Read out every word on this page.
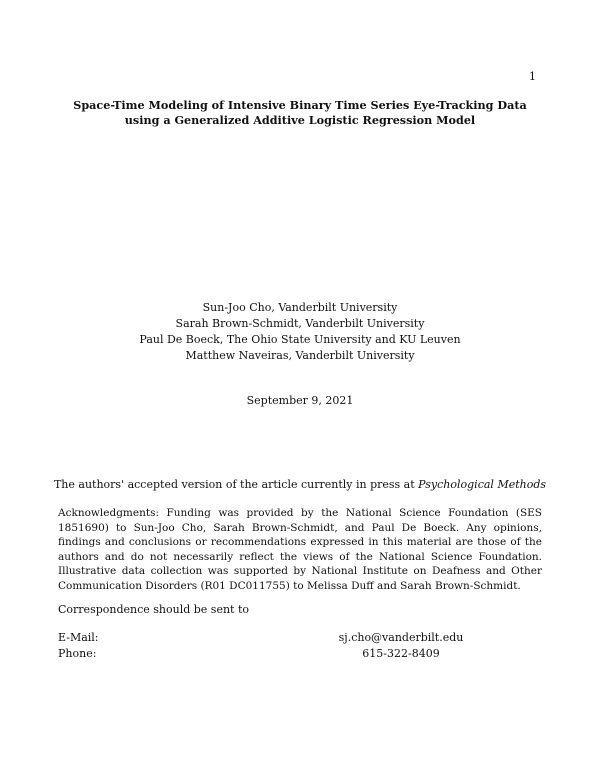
1
Space-Time Modeling of Intensive Binary Time Series Eye-Tracking Data
using a Generalized Additive Logistic Regression Model
Sun-Joo Cho, Vanderbilt University
Sarah Brown-Schmidt, Vanderbilt University
Paul De Boeck, The Ohio State University and KU Leuven
Matthew Naveiras, Vanderbilt University
September 9, 2021
The authors' accepted version of the article currently in press at Psychological Methods
Acknowledgments: Funding was provided by the National Science Foundation (SES 1851690) to Sun-Joo Cho, Sarah Brown-Schmidt, and Paul De Boeck. Any opinions, findings and conclusions or recommendations expressed in this material are those of the authors and do not necessarily reflect the views of the National Science Foundation. Illustrative data collection was supported by National Institute on Deafness and Other Communication Disorders (R01 DC011755) to Melissa Duff and Sarah Brown-Schmidt.
Correspondence should be sent to
E-Mail:	sj.cho@vanderbilt.edu
Phone:	615-322-8409
